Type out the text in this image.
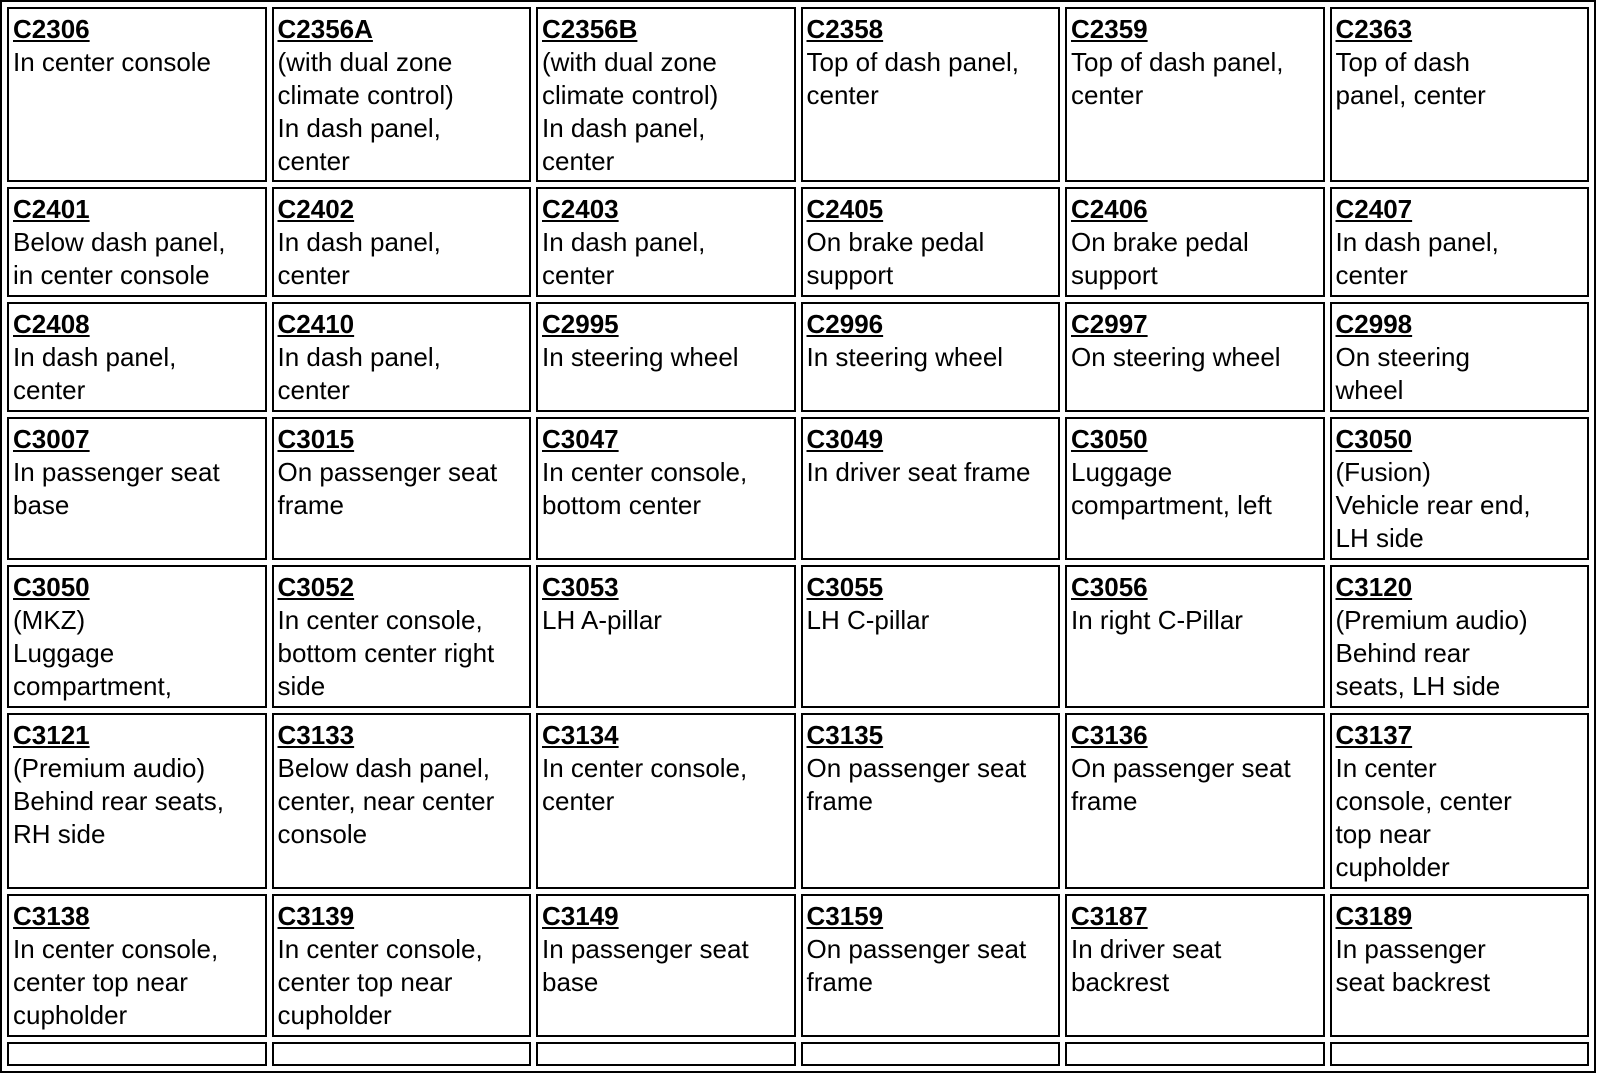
C2306
In center console	C2356A
(with dual zone
climate control)
In dash panel,
center	C2356B
(with dual zone
climate control)
In dash panel,
center	C2358
Top of dash panel,
center	C2359
Top of dash panel,
center	C2363
Top of dash
panel, center

C2401
Below dash panel,
in center console	C2402
In dash panel,
center	C2403
In dash panel,
center	C2405
On brake pedal
support	C2406
On brake pedal
support	C2407
In dash panel,
center

C2408
In dash panel,
center	C2410
In dash panel,
center	C2995
In steering wheel	C2996
In steering wheel	C2997
On steering wheel	C2998
On steering
wheel

C3007
In passenger seat
base	C3015
On passenger seat
frame	C3047
In center console,
bottom center	C3049
In driver seat frame	C3050
Luggage
compartment, left	C3050
(Fusion)
Vehicle rear end,
LH side

C3050
(MKZ)
Luggage
compartment,	C3052
In center console,
bottom center right
side	C3053
LH A-pillar	C3055
LH C-pillar	C3056
In right C-Pillar	C3120
(Premium audio)
Behind rear
seats, LH side

C3121
(Premium audio)
Behind rear seats,
RH side	C3133
Below dash panel,
center, near center
console	C3134
In center console,
center	C3135
On passenger seat
frame	C3136
On passenger seat
frame	C3137
In center
console, center
top near
cupholder

C3138
In center console,
center top near
cupholder	C3139
In center console,
center top near
cupholder	C3149
In passenger seat
base	C3159
On passenger seat
frame	C3187
In driver seat
backrest	C3189
In passenger
seat backrest
